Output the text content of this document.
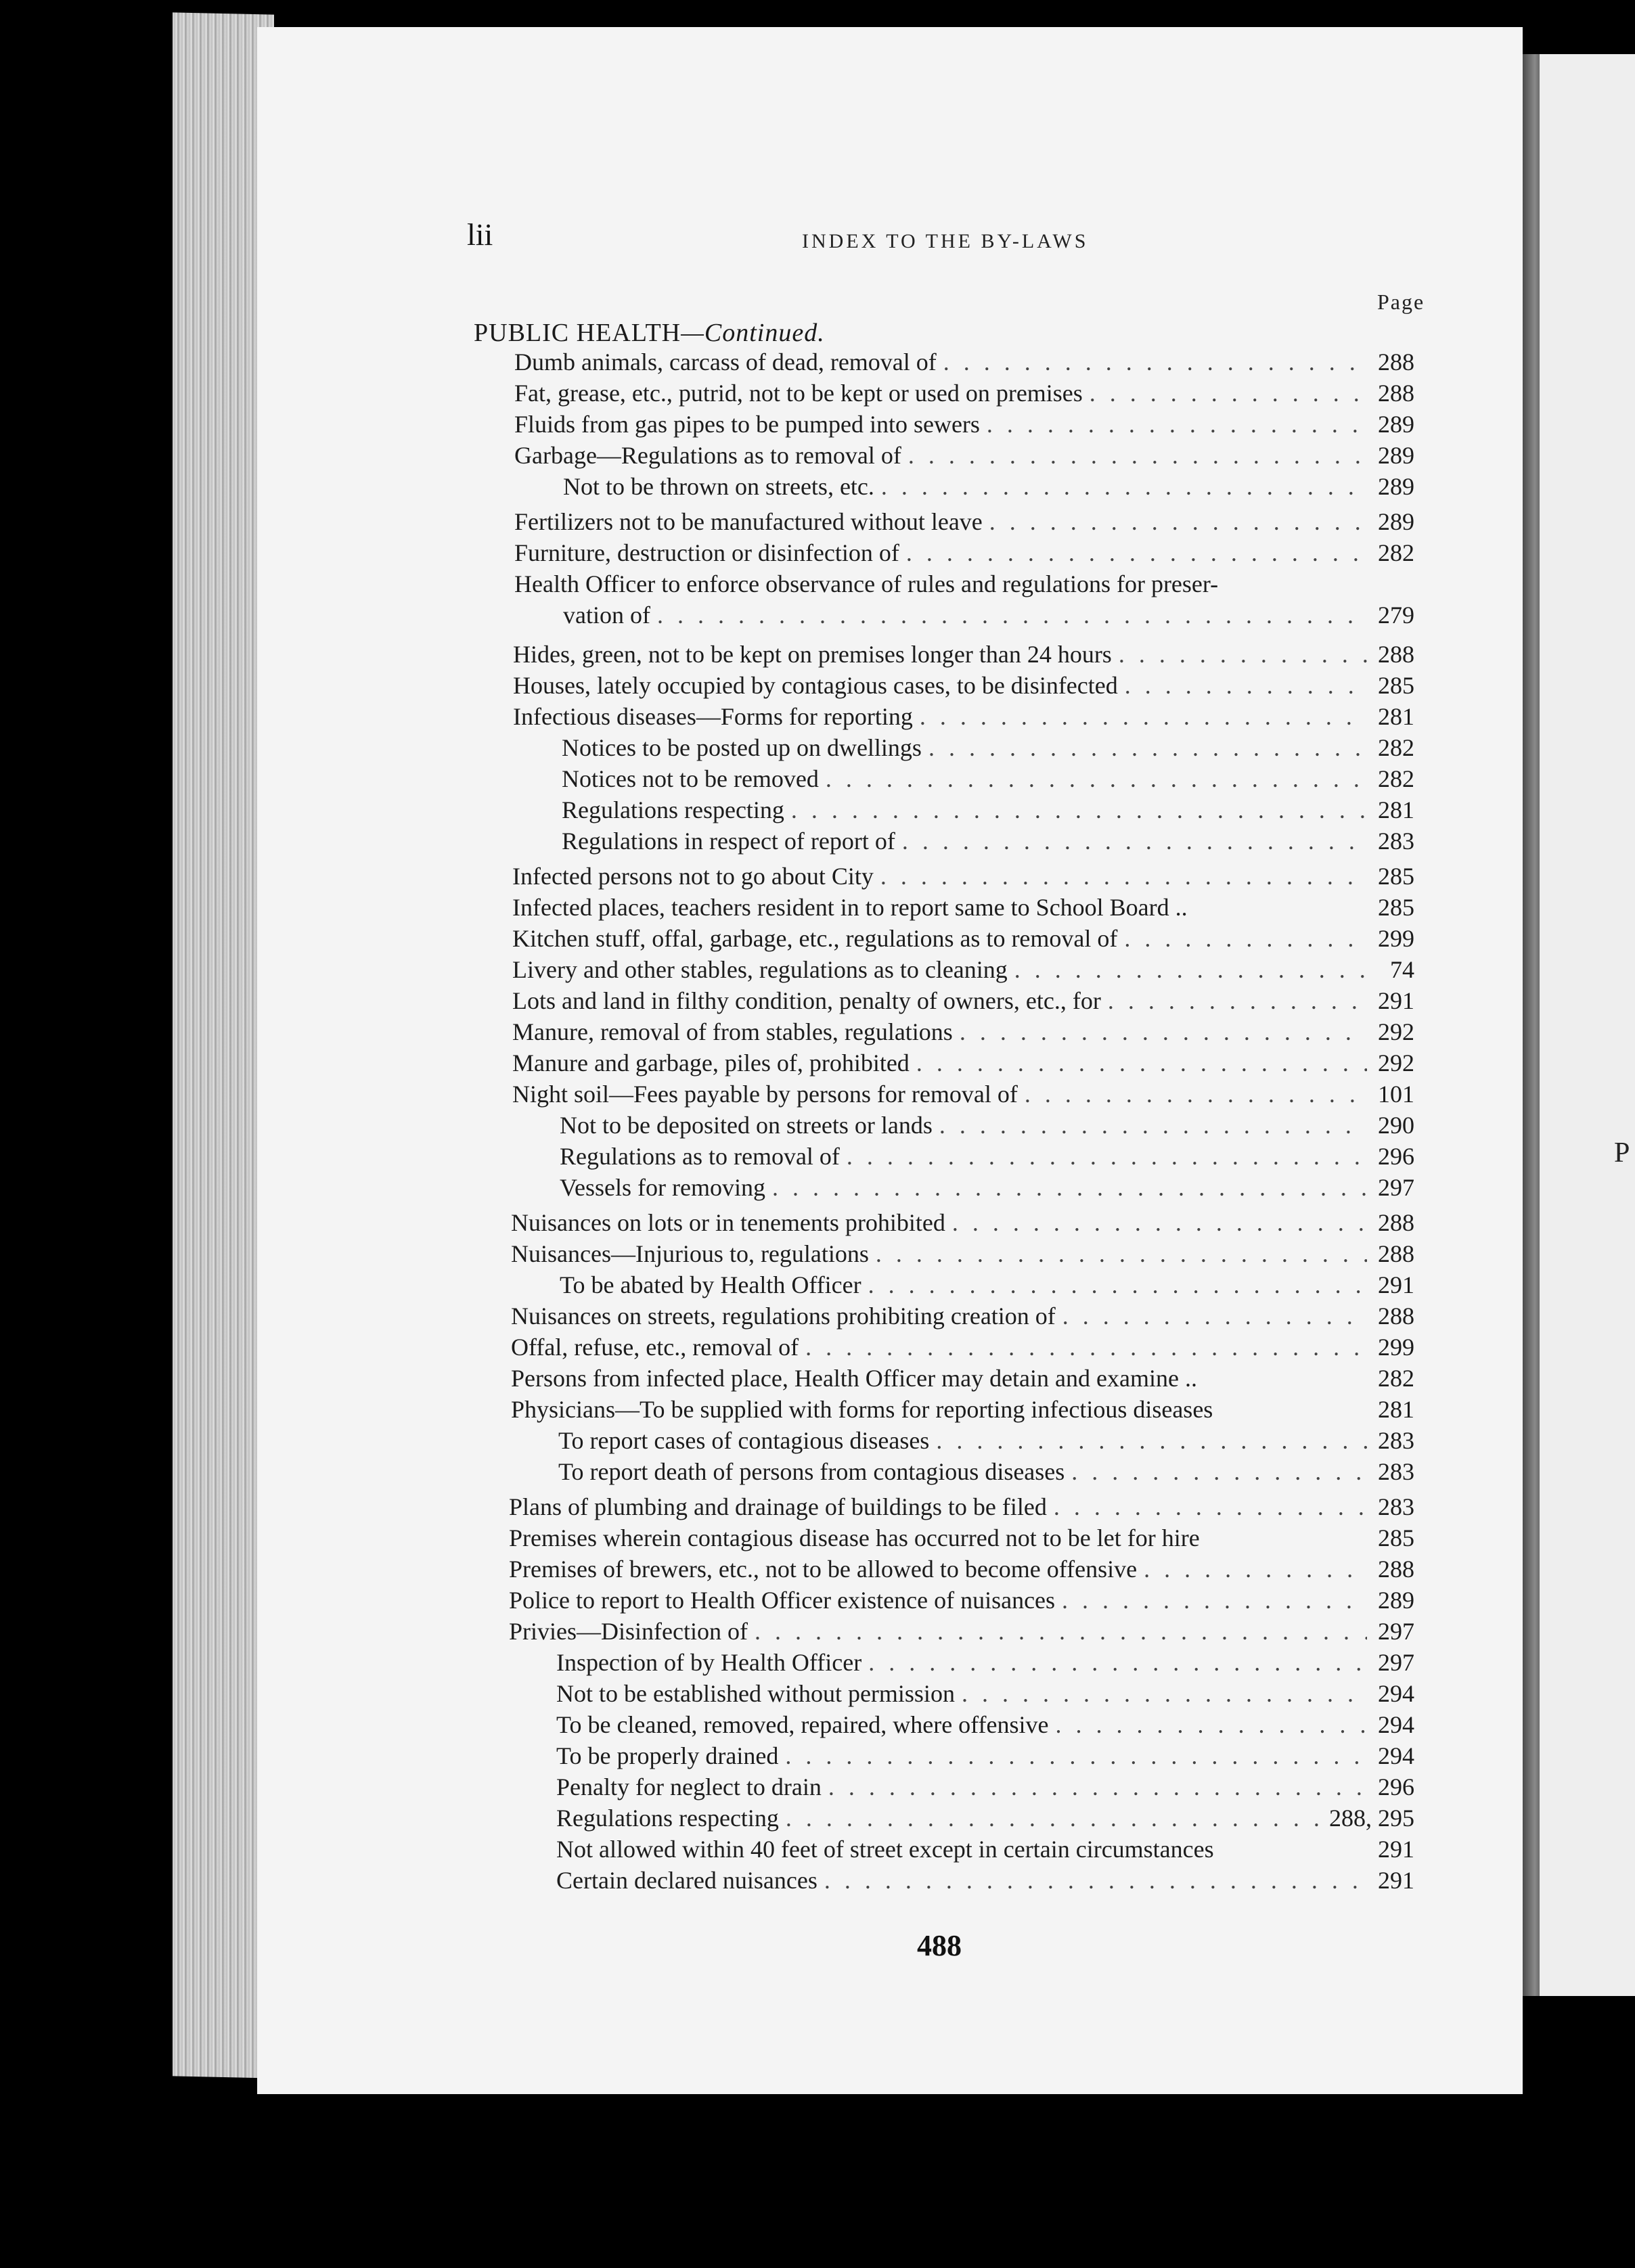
P
lii	INDEX TO THE BY-LAWS
Page
PUBLIC HEALTH—Continued.
Dumb animals, carcass of dead, removal of . . .	288
Fat, grease, etc., putrid, not to be kept or used on premises . . .	288
Fluids from gas pipes to be pumped into sewers . . .	289
Garbage—Regulations as to removal of . . .	289
Not to be thrown on streets, etc. . . .	289
Fertilizers not to be manufactured without leave . . .	289
Furniture, destruction or disinfection of . . .	282
Health Officer to enforce observance of rules and regulations for preser-
vation of . . .	279
Hides, green, not to be kept on premises longer than 24 hours . . .	288
Houses, lately occupied by contagious cases, to be disinfected . . .	285
Infectious diseases—Forms for reporting . . .	281
Notices to be posted up on dwellings . . .	282
Notices not to be removed . . .	282
Regulations respecting . . .	281
Regulations in respect of report of . . .	283
Infected persons not to go about City . . .	285
Infected places, teachers resident in to report same to School Board ..	285
Kitchen stuff, offal, garbage, etc., regulations as to removal of . . .	299
Livery and other stables, regulations as to cleaning . . .	74
Lots and land in filthy condition, penalty of owners, etc., for . . .	291
Manure, removal of from stables, regulations . . .	292
Manure and garbage, piles of, prohibited . . .	292
Night soil—Fees payable by persons for removal of . . .	101
Not to be deposited on streets or lands . . .	290
Regulations as to removal of . . .	296
Vessels for removing . . .	297
Nuisances on lots or in tenements prohibited . . .	288
Nuisances—Injurious to, regulations . . .	288
To be abated by Health Officer . . .	291
Nuisances on streets, regulations prohibiting creation of . . .	288
Offal, refuse, etc., removal of . . .	299
Persons from infected place, Health Officer may detain and examine ..	282
Physicians—To be supplied with forms for reporting infectious diseases	281
To report cases of contagious diseases . . .	283
To report death of persons from contagious diseases . . .	283
Plans of plumbing and drainage of buildings to be filed . . .	283
Premises wherein contagious disease has occurred not to be let for hire	285
Premises of brewers, etc., not to be allowed to become offensive . . .	288
Police to report to Health Officer existence of nuisances . . .	289
Privies—Disinfection of . . .	297
Inspection of by Health Officer . . .	297
Not to be established without permission . . .	294
To be cleaned, removed, repaired, where offensive . . .	294
To be properly drained . . .	294
Penalty for neglect to drain . . .	296
Regulations respecting . . .	288, 295
Not allowed within 40 feet of street except in certain circumstances	291
Certain declared nuisances . . .	291
488
